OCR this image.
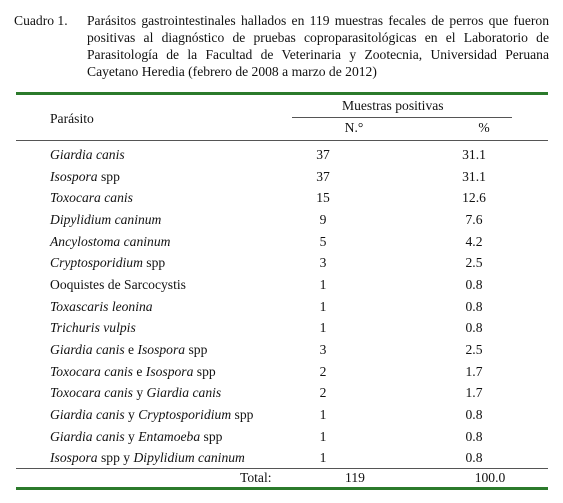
Cuadro 1. Parásitos gastrointestinales hallados en 119 muestras fecales de perros que fueron positivas al diagnóstico de pruebas coproparasitológicas en el Laboratorio de Parasitología de la Facultad de Veterinaria y Zootecnia, Universidad Peruana Cayetano Heredia (febrero de 2008 a marzo de 2012)
Parásito
Muestras positivas
N.°	%
Giardia canis	37		31.1	
Isospora spp	37		31.1	
Toxocara canis	15		12.6	
Dipylidium caninum	9		7.6	
Ancylostoma caninum	5		4.2	
Cryptosporidium spp	3		2.5	
Ooquistes de Sarcocystis	1		0.8	
Toxascaris leonina	1		0.8	
Trichuris vulpis	1		0.8	
Giardia canis e Isospora spp	3		2.5	
Toxocara canis e Isospora spp	2		1.7	
Toxocara canis y Giardia canis	2		1.7	
Giardia canis y Cryptosporidium spp	1		0.8	
Giardia canis y Entamoeba spp	1		0.8	
Isospora spp y Dipylidium caninum	1		0.8	
Total:	119	100.0
